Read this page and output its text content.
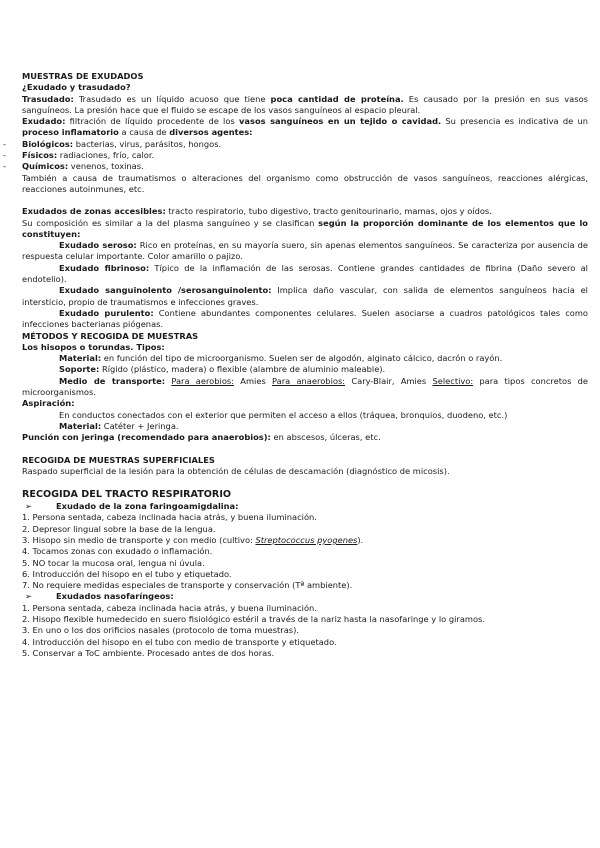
MUESTRAS DE EXUDADOS

¿Exudado y trasudado?

Trasudado: Trasudado es un líquido acuoso que tiene poca cantidad de proteína. Es causado por la presión en sus vasos sanguíneos. La presión hace que el fluido se escape de los vasos sanguíneos al espacio pleural.

Exudado: filtración de líquido procedente de los vasos sanguíneos en un tejido o cavidad. Su presencia es indicativa de un proceso inflamatorio a causa de diversos agentes:

- Biológicos: bacterias, virus, parásitos, hongos.

- Físicos: radiaciones, frío, calor.

- Químicos: venenos, toxinas.

También a causa de traumatismos o alteraciones del organismo como obstrucción de vasos sanguíneos, reacciones alérgicas, reacciones autoinmunes, etc.

Exudados de zonas accesibles: tracto respiratorio, tubo digestivo, tracto genitourinario, mamas, ojos y oídos.

Su composición es similar a la del plasma sanguíneo y se clasifican según la proporción dominante de los elementos que lo constituyen:

Exudado seroso: Rico en proteínas, en su mayoría suero, sin apenas elementos sanguíneos. Se caracteriza por ausencia de respuesta celular importante. Color amarillo o pajizo.

Exudado fibrinoso: Típico de la inflamación de las serosas. Contiene grandes cantidades de fibrina (Daño severo al endotelio).

Exudado sanguinolento /serosanguinolento: Implica daño vascular, con salida de elementos sanguíneos hacia el intersticio, propio de traumatismos e infecciones graves.

Exudado purulento: Contiene abundantes componentes celulares. Suelen asociarse a cuadros patológicos tales como infecciones bacterianas piógenas.

MÉTODOS Y RECOGIDA DE MUESTRAS

Los hisopos o torundas. Tipos:

Material: en función del tipo de microorganismo. Suelen ser de algodón, alginato cálcico, dacrón o rayón.

Soporte: Rígido (plástico, madera) o flexible (alambre de aluminio maleable).

Medio de transporte: Para aerobios: Amies Para anaerobios: Cary-Blair, Amies Selectivo: para tipos concretos de microorganismos.

Aspiración:

En conductos conectados con el exterior que permiten el acceso a ellos (tráquea, bronquios, duodeno, etc.)

Material: Catéter + Jeringa.

Punción con jeringa (recomendado para anaerobios): en abscesos, úlceras, etc.

RECOGIDA DE MUESTRAS SUPERFICIALES

Raspado superficial de la lesión para la obtención de células de descamación (diagnóstico de micosis).

RECOGIDA DEL TRACTO RESPIRATORIO

➢	Exudado de la zona faringoamigdalina:

1. Persona sentada, cabeza inclinada hacia atrás, y buena iluminación.

2. Depresor lingual sobre la base de la lengua.

3. Hisopo sin medio de transporte y con medio (cultivo: Streptococcus pyogenes).

4. Tocamos zonas con exudado o inflamación.

5. NO tocar la mucosa oral, lengua ni úvula.

6. Introducción del hisopo en el tubo y etiquetado.

7. No requiere medidas especiales de transporte y conservación (Tª ambiente).

➢	Exudados nasofaríngeos:

1. Persona sentada, cabeza inclinada hacia atrás, y buena iluminación.

2. Hisopo flexible humedecido en suero fisiológico estéril a través de la nariz hasta la nasofaringe y lo giramos.

3. En uno o los dos orificios nasales (protocolo de toma muestras).

4. Introducción del hisopo en el tubo con medio de transporte y etiquetado.

5. Conservar a ToC ambiente. Procesado antes de dos horas.
